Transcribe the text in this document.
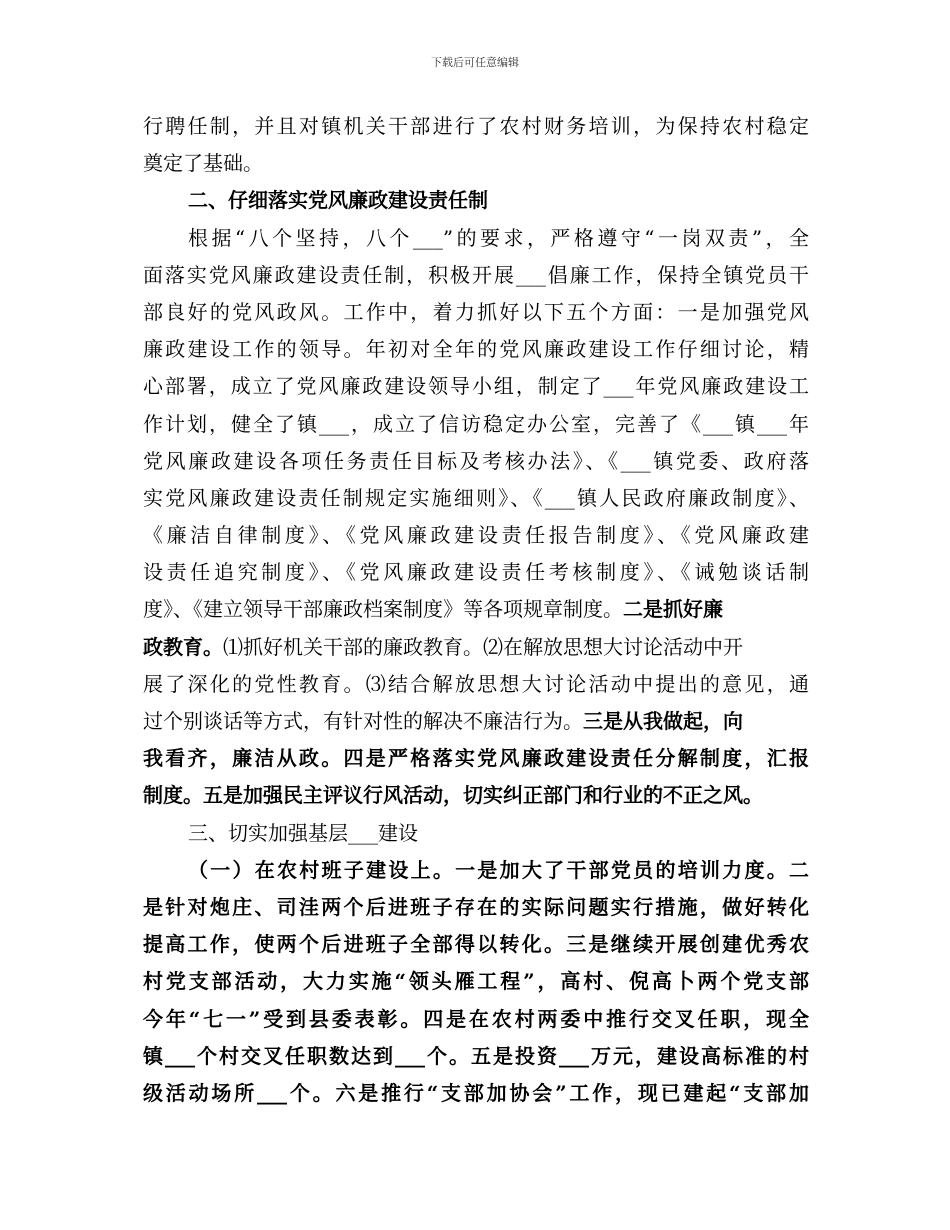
下载后可任意编辑
行聘任制，并且对镇机关干部进行了农村财务培训，为保持农村稳定
奠定了基础。
二、仔细落实党风廉政建设责任制
根据“八个坚持，八个___”的要求，严格遵守“一岗双责”，全
面落实党风廉政建设责任制，积极开展___倡廉工作，保持全镇党员干
部良好的党风政风。工作中，着力抓好以下五个方面：一是加强党风
廉政建设工作的领导。年初对全年的党风廉政建设工作仔细讨论，精
心部署，成立了党风廉政建设领导小组，制定了___年党风廉政建设工
作计划，健全了镇___，成立了信访稳定办公室，完善了《___镇___年
党风廉政建设各项任务责任目标及考核办法》、《___镇党委、政府落
实党风廉政建设责任制规定实施细则》、《___镇人民政府廉政制度》、
《廉洁自律制度》、《党风廉政建设责任报告制度》、《党风廉政建
设责任追究制度》、《党风廉政建设责任考核制度》、《诫勉谈话制
度》、《建立领导干部廉政档案制度》等各项规章制度。二是抓好廉
政教育。⑴抓好机关干部的廉政教育。⑵在解放思想大讨论活动中开
展了深化的党性教育。⑶结合解放思想大讨论活动中提出的意见，通
过个别谈话等方式，有针对性的解决不廉洁行为。三是从我做起，向
我看齐，廉洁从政。四是严格落实党风廉政建设责任分解制度，汇报
制度。五是加强民主评议行风活动，切实纠正部门和行业的不正之风。
三、切实加强基层___建设
（一）在农村班子建设上。一是加大了干部党员的培训力度。二
是针对炮庄、司洼两个后进班子存在的实际问题实行措施，做好转化
提高工作，使两个后进班子全部得以转化。三是继续开展创建优秀农
村党支部活动，大力实施“领头雁工程”，高村、倪高卜两个党支部
今年“七一”受到县委表彰。四是在农村两委中推行交叉任职，现全
镇___个村交叉任职数达到___个。五是投资___万元，建设高标准的村
级活动场所___个。六是推行“支部加协会”工作，现已建起“支部加
